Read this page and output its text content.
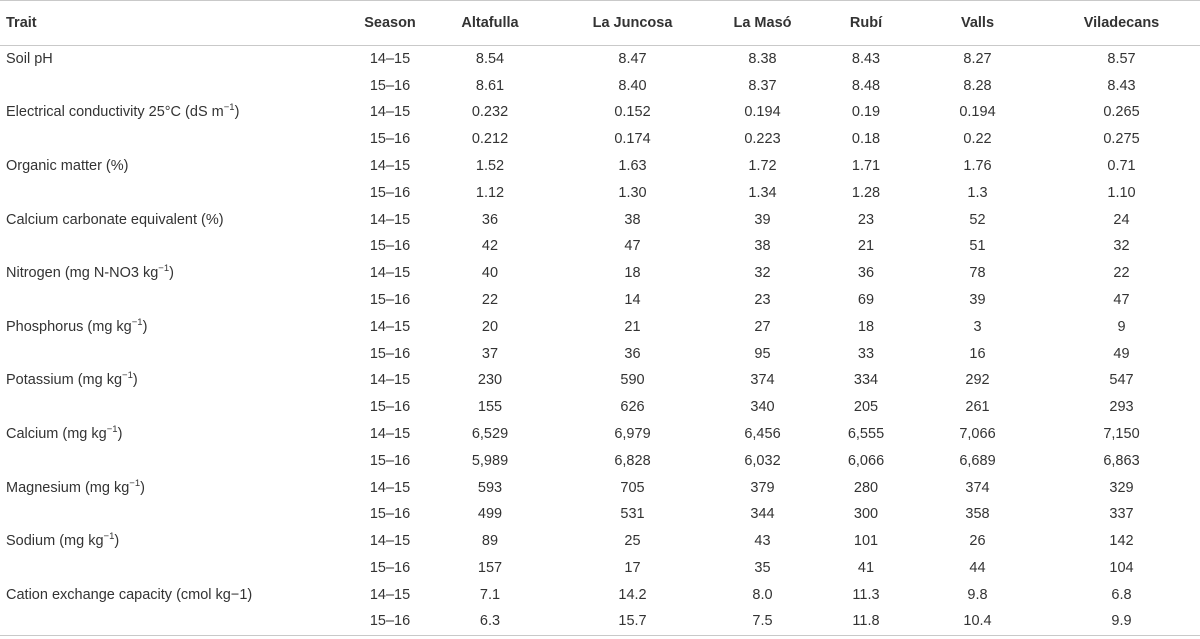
Trait	Season	Altafulla	La Juncosa	La Masó	Rubí	Valls	Viladecans
Soil pH	14–15	8.54	8.47	8.38	8.43	8.27	8.57
	15–16	8.61	8.40	8.37	8.48	8.28	8.43
Electrical conductivity 25°C (dS $m^{-1}$)	14–15	0.232	0.152	0.194	0.19	0.194	0.265
	15–16	0.212	0.174	0.223	0.18	0.22	0.275
Organic matter (%)	14–15	1.52	1.63	1.72	1.71	1.76	0.71
	15–16	1.12	1.30	1.34	1.28	1.3	1.10
Calcium carbonate equivalent (%)	14–15	36	38	39	23	52	24
	15–16	42	47	38	21	51	32
Nitrogen (mg N-NO3 $kg^{-1}$)	14–15	40	18	32	36	78	22
	15–16	22	14	23	69	39	47
Phosphorus (mg $kg^{-1}$)	14–15	20	21	27	18	3	9
	15–16	37	36	95	33	16	49
Potassium (mg $kg^{-1}$)	14–15	230	590	374	334	292	547
	15–16	155	626	340	205	261	293
Calcium (mg $kg^{-1}$)	14–15	6,529	6,979	6,456	6,555	7,066	7,150
	15–16	5,989	6,828	6,032	6,066	6,689	6,863
Magnesium (mg $kg^{-1}$)	14–15	593	705	379	280	374	329
	15–16	499	531	344	300	358	337
Sodium (mg $kg^{-1}$)	14–15	89	25	43	101	26	142
	15–16	157	17	35	41	44	104
Cation exchange capacity (cmol kg−1)	14–15	7.1	14.2	8.0	11.3	9.8	6.8
	15–16	6.3	15.7	7.5	11.8	10.4	9.9
